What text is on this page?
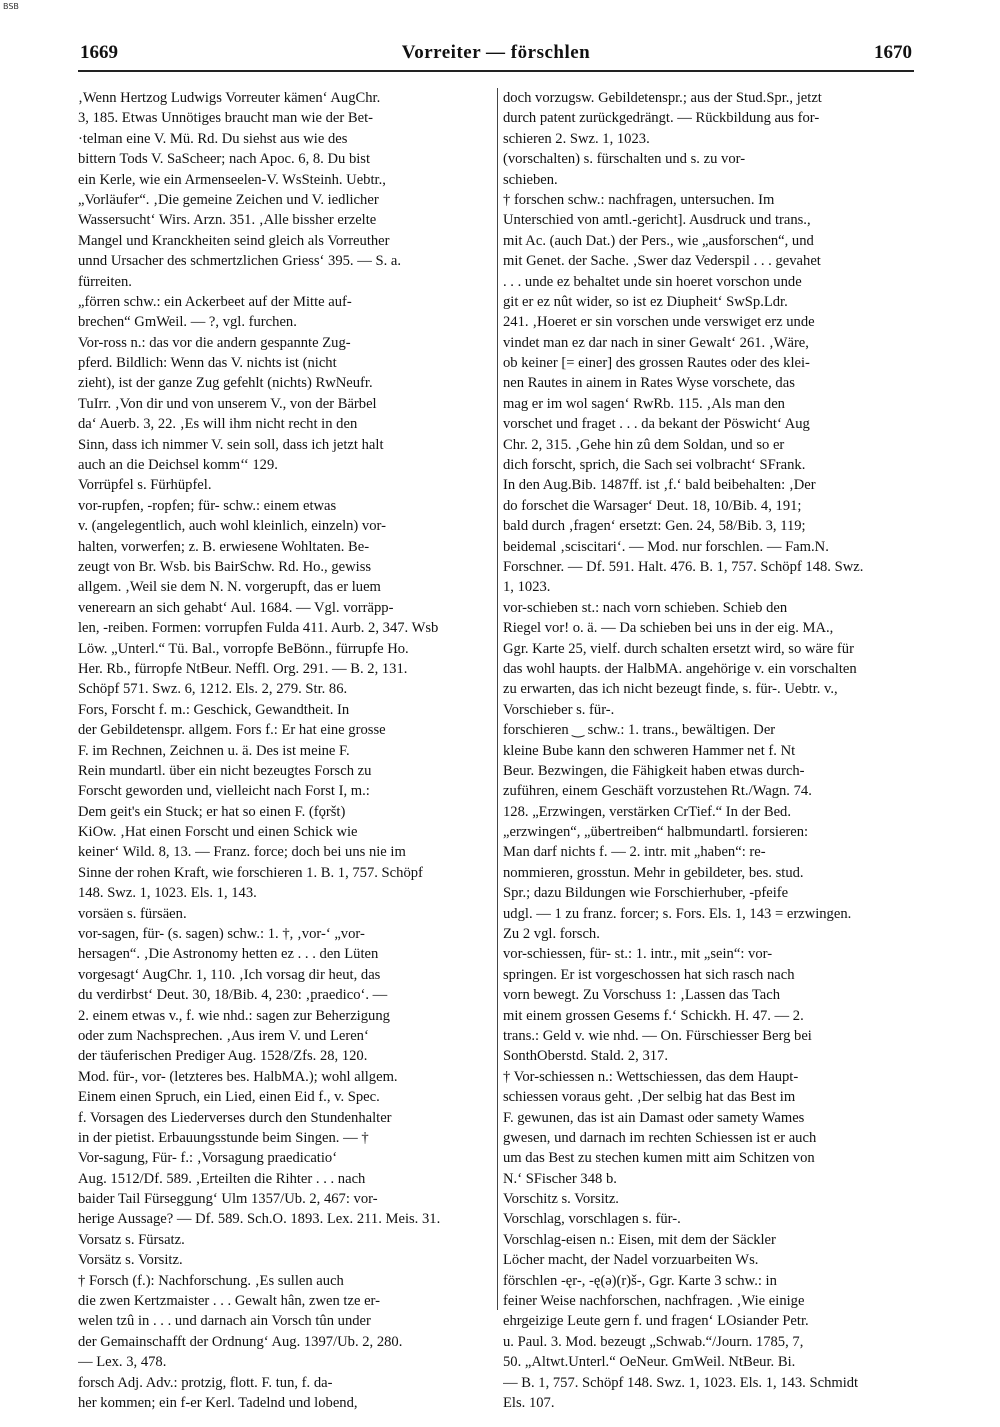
BSB
1669	Vorreiter — förschlen	1670
‚Wenn Hertzog Ludwigs Vorreuter kämen‘ AugChr.
3, 185. Etwas Unnötiges braucht man wie der Bet-
·telman eine V. Mü. Rd. Du siehst aus wie des
bittern Tods V. SaScheer; nach Apoc. 6, 8. Du bist
ein Kerle, wie ein Armenseelen-V. WsSteinh. Uebtr.,
„Vorläufer“. ‚Die gemeine Zeichen und V. iedlicher
Wassersucht‘ Wirs. Arzn. 351. ‚Alle bissher erzelte
Mangel und Kranckheiten seind gleich als Vorreuther
unnd Ursacher des schmertzlichen Griess‘ 395. — S. a.
fürreiten.
„förren schw.: ein Ackerbeet auf der Mitte auf-
brechen“ GmWeil. — ?, vgl. furchen.
Vor-ross n.: das vor die andern gespannte Zug-
pferd. Bildlich: Wenn das V. nichts ist (nicht
zieht), ist der ganze Zug gefehlt (nichts) RwNeufr.
TuIrr. ‚Von dir und von unserem V., von der Bärbel
da‘ Auerb. 3, 22. ‚Es will ihm nicht recht in den
Sinn, dass ich nimmer V. sein soll, dass ich jetzt halt
auch an die Deichsel komm‘‘ 129.
Vorrüpfel s. Fürhüpfel.
vor-rupfen, -ropfen; für- schw.: einem etwas
v. (angelegentlich, auch wohl kleinlich, einzeln) vor-
halten, vorwerfen; z. B. erwiesene Wohltaten. Be-
zeugt von Br. Wsb. bis BairSchw. Rd. Ho., gewiss
allgem. ‚Weil sie dem N. N. vorgerupft, das er luem
venerearn an sich gehabt‘ Aul. 1684. — Vgl. vorräpp-
len, -reiben. Formen: vorrupfen Fulda 411. Aurb. 2, 347. Wsb
Löw. „Unterl.“ Tü. Bal., vorropfe BeBönn., fürrupfe Ho.
Her. Rb., fürropfe NtBeur. Neffl. Org. 291. — B. 2, 131.
Schöpf 571. Swz. 6, 1212. Els. 2, 279. Str. 86.
Fors, Forscht f. m.: Geschick, Gewandtheit. In
der Gebildetenspr. allgem. Fors f.: Er hat eine grosse
F. im Rechnen, Zeichnen u. ä. Des ist meine F.
Rein mundartl. über ein nicht bezeugtes Forsch zu
Forscht geworden und, vielleicht nach Forst I, m.:
Dem geit's ein Stuck; er hat so einen F. (fǫršt)
KiOw. ‚Hat einen Forscht und einen Schick wie
keiner‘ Wild. 8, 13. — Franz. force; doch bei uns nie im
Sinne der rohen Kraft, wie forschieren 1. B. 1, 757. Schöpf
148. Swz. 1, 1023. Els. 1, 143.
vorsäen s. fürsäen.
vor-sagen, für- (s. sagen) schw.: 1. †, ‚vor-‘ „vor-
hersagen“. ‚Die Astronomy hetten ez . . . den Lüten
vorgesagt‘ AugChr. 1, 110. ‚Ich vorsag dir heut, das
du verdirbst‘ Deut. 30, 18/Bib. 4, 230: ‚praedico‘. —
2. einem etwas v., f. wie nhd.: sagen zur Beherzigung
oder zum Nachsprechen. ‚Aus irem V. und Leren‘
der täuferischen Prediger Aug. 1528/Zfs. 28, 120.
Mod. für-, vor- (letzteres bes. HalbMA.); wohl allgem.
Einem einen Spruch, ein Lied, einen Eid f., v. Spec.
f. Vorsagen des Liederverses durch den Stundenhalter
in der pietist. Erbauungsstunde beim Singen. — †
Vor-sagung, Für- f.: ‚Vorsagung praedicatio‘
Aug. 1512/Df. 589. ‚Erteilten die Rihter . . . nach
baider Tail Fürseggung‘ Ulm 1357/Ub. 2, 467: vor-
herige Aussage? — Df. 589. Sch.O. 1893. Lex. 211. Meis. 31.
Vorsatz s. Fürsatz.
Vorsätz s. Vorsitz.
† Forsch (f.): Nachforschung. ‚Es sullen auch
die zwen Kertzmaister . . . Gewalt hân, zwen tze er-
welen tzû in . . . und darnach ain Vorsch tûn under
der Gemainschafft der Ordnung‘ Aug. 1397/Ub. 2, 280.
— Lex. 3, 478.
forsch Adj. Adv.: protzig, flott. F. tun, f. da-
her kommen; ein f-er Kerl. Tadelnd und lobend,
doch vorzugsw. Gebildetenspr.; aus der Stud.Spr., jetzt
durch patent zurückgedrängt. — Rückbildung aus for-
schieren 2. Swz. 1, 1023.
(vorschalten) s. fürschalten und s. zu vor-
schieben.
† forschen schw.: nachfragen, untersuchen. Im
Unterschied von amtl.-gericht]. Ausdruck und trans.,
mit Ac. (auch Dat.) der Pers., wie „ausforschen“, und
mit Genet. der Sache. ‚Swer daz Vederspil . . . gevahet
. . . unde ez behaltet unde sin hoeret vorschon unde
git er ez nût wider, so ist ez Diupheit‘ SwSp.Ldr.
241. ‚Hoeret er sin vorschen unde verswiget erz unde
vindet man ez dar nach in siner Gewalt‘ 261. ‚Wäre,
ob keiner [= einer] des grossen Rautes oder des klei-
nen Rautes in ainem in Rates Wyse vorschete, das
mag er im wol sagen‘ RwRb. 115. ‚Als man den
vorschet und fraget . . . da bekant der Pöswicht‘ Aug
Chr. 2, 315. ‚Gehe hin zû dem Soldan, und so er
dich forscht, sprich, die Sach sei volbracht‘ SFrank.
In den Aug.Bib. 1487ff. ist ‚f.‘ bald beibehalten: ‚Der
do forschet die Warsager‘ Deut. 18, 10/Bib. 4, 191;
bald durch ‚fragen‘ ersetzt: Gen. 24, 58/Bib. 3, 119;
beidemal ‚sciscitari‘. — Mod. nur forschlen. — Fam.N.
Forschner. — Df. 591. Halt. 476. B. 1, 757. Schöpf 148. Swz.
1, 1023.
vor-schieben st.: nach vorn schieben. Schieb den
Riegel vor! o. ä. — Da schieben bei uns in der eig. MA.,
Ggr. Karte 25, vielf. durch schalten ersetzt wird, so wäre für
das wohl haupts. der HalbMA. angehörige v. ein vorschalten
zu erwarten, das ich nicht bezeugt finde, s. für-. Uebtr. v.,
Vorschieber s. für-.
forschieren ‿ schw.: 1. trans., bewältigen. Der
kleine Bube kann den schweren Hammer net f. Nt
Beur. Bezwingen, die Fähigkeit haben etwas durch-
zuführen, einem Geschäft vorzustehen Rt./Wagn. 74.
128. „Erzwingen, verstärken CrTief.“ In der Bed.
„erzwingen“, „übertreiben“ halbmundartl. forsieren:
Man darf nichts f. — 2. intr. mit „haben“: re-
nommieren, grosstun. Mehr in gebildeter, bes. stud.
Spr.; dazu Bildungen wie Forschierhuber, -pfeife
udgl. — 1 zu franz. forcer; s. Fors. Els. 1, 143 = erzwingen.
Zu 2 vgl. forsch.
vor-schiessen, für- st.: 1. intr., mit „sein“: vor-
springen. Er ist vorgeschossen hat sich rasch nach
vorn bewegt. Zu Vorschuss 1: ‚Lassen das Tach
mit einem grossen Gesems f.‘ Schickh. H. 47. — 2.
trans.: Geld v. wie nhd. — On. Fürschiesser Berg bei
SonthOberstd. Stald. 2, 317.
† Vor-schiessen n.: Wettschiessen, das dem Haupt-
schiessen voraus geht. ‚Der selbig hat das Best im
F. gewunen, das ist ain Damast oder samety Wames
gwesen, und darnach im rechten Schiessen ist er auch
um das Best zu stechen kumen mitt aim Schitzen von
N.‘ SFischer 348 b.
Vorschitz s. Vorsitz.
Vorschlag, vorschlagen s. für-.
Vorschlag-eisen n.: Eisen, mit dem der Säckler
Löcher macht, der Nadel vorzuarbeiten Ws.
förschlen -ęr-, -ę(ə)(r)š-, Ggr. Karte 3 schw.: in
feiner Weise nachforschen, nachfragen. ‚Wie einige
ehrgeizige Leute gern f. und fragen‘ LOsiander Petr.
u. Paul. 3. Mod. bezeugt „Schwab.“/Journ. 1785, 7,
50. „Altwt.Unterl.“ OeNeur. GmWeil. NtBeur. Bi.
— B. 1, 757. Schöpf 148. Swz. 1, 1023. Els. 1, 143. Schmidt
Els. 107.
